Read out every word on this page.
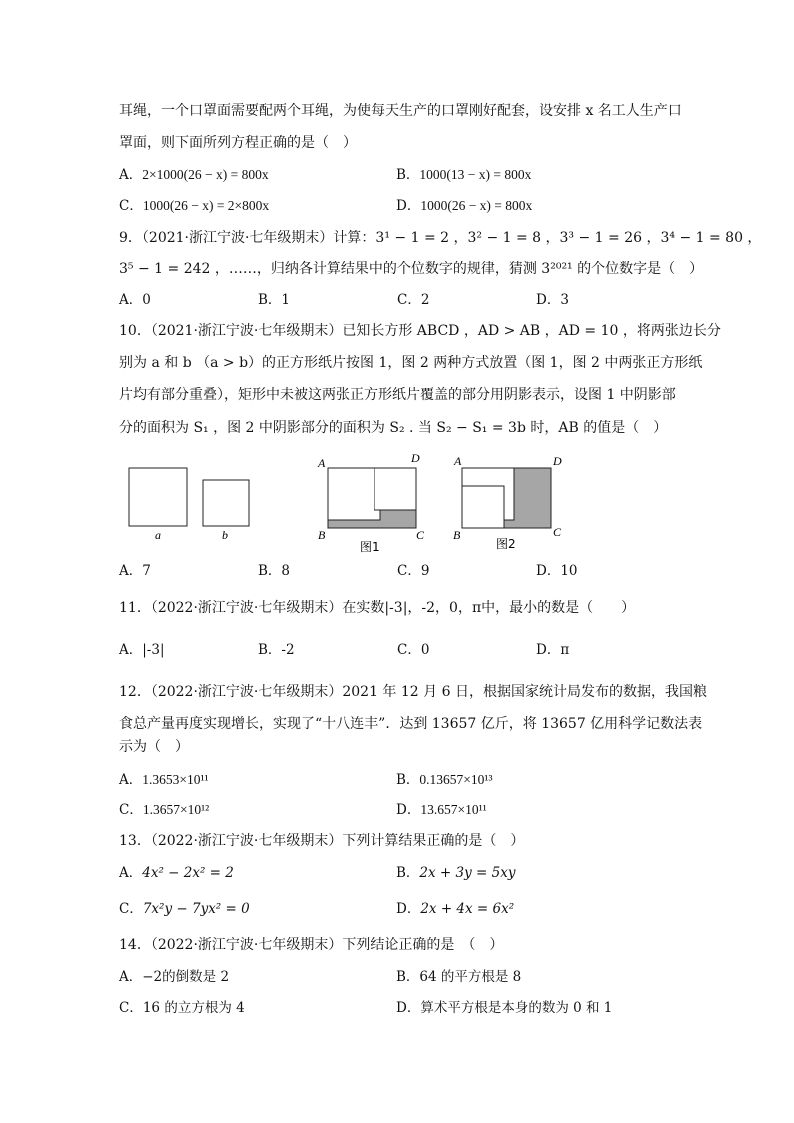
耳绳，一个口罩面需要配两个耳绳，为使每天生产的口罩刚好配套，设安排 x 名工人生产口
罩面，则下面所列方程正确的是（　）
A．2×1000(26 − x) = 800x	B．1000(13 − x) = 800x
C．1000(26 − x) = 2×800x	D．1000(26 − x) = 800x
9．（2021·浙江宁波·七年级期末）计算：3¹ − 1 = 2 ，3² − 1 = 8 ，3³ − 1 = 26 ，3⁴ − 1 = 80 ，
3⁵ − 1 = 242 ，……，归纳各计算结果中的个位数字的规律，猜测 3²⁰²¹ 的个位数字是（　）
A．0	B．1	C．2	D．3
10．（2021·浙江宁波·七年级期末）已知长方形 ABCD ，AD > AB ，AD = 10 ，将两张边长分
别为 a 和 b （a > b）的正方形纸片按图 1，图 2 两种方式放置（图 1，图 2 中两张正方形纸
片均有部分重叠），矩形中未被这两张正方形纸片覆盖的部分用阴影表示，设图 1 中阴影部
分的面积为 S₁ ，图 2 中阴影部分的面积为 S₂ . 当 S₂ − S₁ = 3b 时，AB 的值是（　）
a	b
A	D
B	C
图1
A	D
B	C
图2
A．7	B．8	C．9	D．10
11．（2022·浙江宁波·七年级期末）在实数|-3|，-2，0，π中，最小的数是（　　）
A．|-3|	B．-2	C．0	D．π
12．（2022·浙江宁波·七年级期末）2021 年 12 月 6 日，根据国家统计局发布的数据，我国粮
食总产量再度实现增长，实现了“十八连丰”．达到 13657 亿斤，将 13657 亿用科学记数法表
示为（　）
A．1.3653×10¹¹	B．0.13657×10¹³
C．1.3657×10¹²	D．13.657×10¹¹
13．（2022·浙江宁波·七年级期末）下列计算结果正确的是（　）
A．4x² − 2x² = 2	B．2x + 3y = 5xy
C．7x²y − 7yx² = 0	D．2x + 4x = 6x²
14．（2022·浙江宁波·七年级期末）下列结论正确的是　（　）
A．−2的倒数是 2	B．64 的平方根是 8
C．16 的立方根为 4	D．算术平方根是本身的数为 0 和 1
